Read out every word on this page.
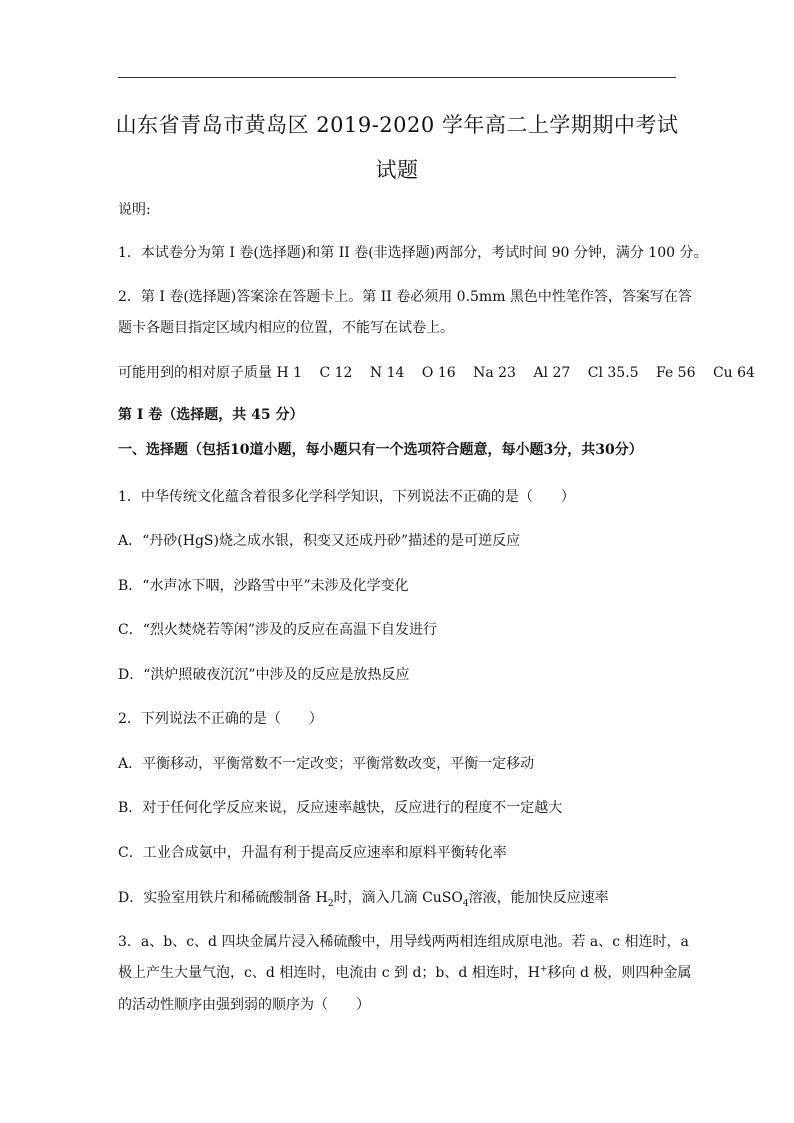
山东省青岛市黄岛区 2019-2020 学年高二上学期期中考试试题
说明:
1．本试卷分为第 I 卷(选择题)和第 II 卷(非选择题)两部分，考试时间 90 分钟，满分 100 分。
2．第 I 卷(选择题)答案涂在答题卡上。第 II 卷必须用 0.5mm 黑色中性笔作答，答案写在答
题卡各题目指定区域内相应的位置，不能写在试卷上。
可能用到的相对原子质量 H 1 C 12 N 14 O 16 Na 23 Al 27 Cl 35.5 Fe 56 Cu 64
第 I 卷（选择题，共 45 分）
一、选择题（包括10道小题，每小题只有一个选项符合题意，每小题3分，共30分）
1．中华传统文化蕴含着很多化学科学知识，下列说法不正确的是（　　）
A．“丹砂(HgS)烧之成水银，积变又还成丹砂”描述的是可逆反应
B．“水声冰下咽，沙路雪中平”未涉及化学变化
C．“烈火焚烧若等闲”涉及的反应在高温下自发进行
D．“洪炉照破夜沉沉”中涉及的反应是放热反应
2．下列说法不正确的是（　　）
A．平衡移动，平衡常数不一定改变；平衡常数改变，平衡一定移动
B．对于任何化学反应来说，反应速率越快，反应进行的程度不一定越大
C．工业合成氨中，升温有利于提高反应速率和原料平衡转化率
D．实验室用铁片和稀硫酸制备 $H_2$时，滴入几滴 CuSO$_4$溶液，能加快反应速率
3．a、b、c、d 四块金属片浸入稀硫酸中，用导线两两相连组成原电池。若 a、c 相连时，a
极上产生大量气泡，c、d 相连时，电流由 c 到 d；b、d 相连时，H+移向 d 极，则四种金属
的活动性顺序由强到弱的顺序为（　　）
